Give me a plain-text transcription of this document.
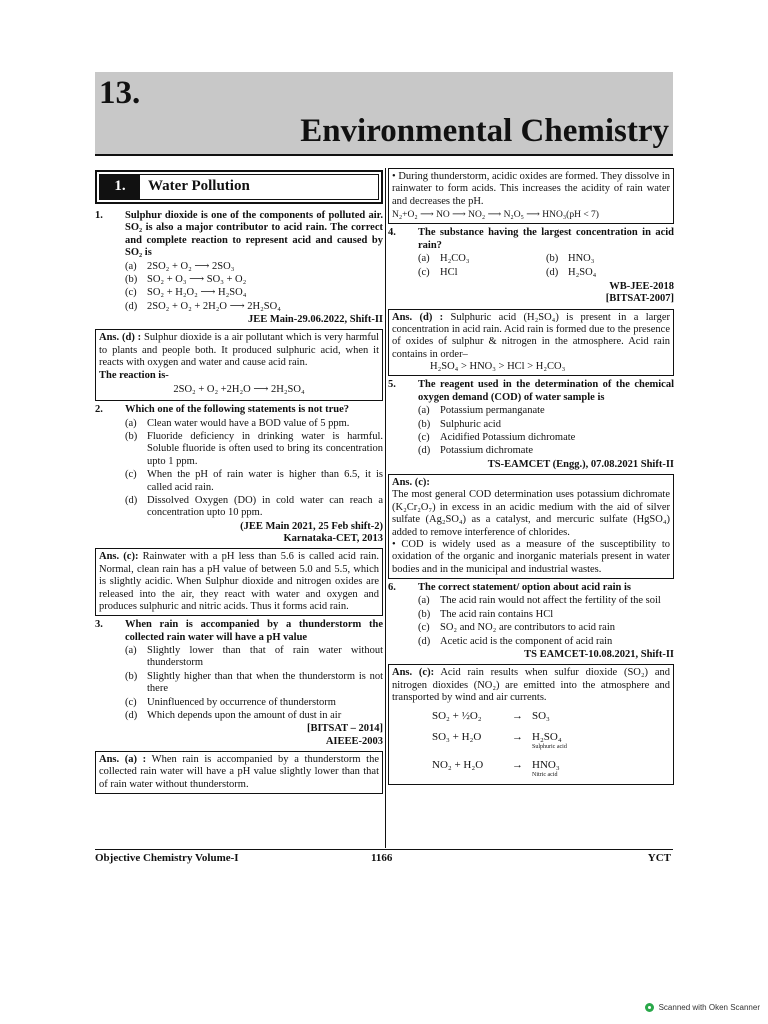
13.
Environmental Chemistry
1.	Water Pollution
1.	Sulphur dioxide is one of the components of polluted air. SO₂ is also a major contributor to acid rain. The correct and complete reaction to represent acid and caused by SO₂ is
(a) 2SO₂ + O₂ ⟶ 2SO₃
(b) SO₂ + O₃ ⟶ SO₃ + O₂
(c) SO₂ + H₂O₂ ⟶ H₂SO₄
(d) 2SO₂ + O₂ + 2H₂O ⟶ 2H₂SO₄
JEE Main-29.06.2022, Shift-II
Ans. (d) : Sulphur dioxide is a air pollutant which is very harmful to plants and people both. It produced sulphuric acid, when it reacts with oxygen and water and cause acid rain.
The reaction is-
2SO₂ + O₂ +2H₂O ⟶ 2H₂SO₄
2.	Which one of the following statements is not true?
(a) Clean water would have a BOD value of 5 ppm.
(b) Fluoride deficiency in drinking water is harmful. Soluble fluoride is often used to bring its concentration upto 1 ppm.
(c) When the pH of rain water is higher than 6.5, it is called acid rain.
(d) Dissolved Oxygen (DO) in cold water can reach a concentration upto 10 ppm.
(JEE Main 2021, 25 Feb shift-2)
Karnataka-CET, 2013
Ans. (c): Rainwater with a pH less than 5.6 is called acid rain. Normal, clean rain has a pH value of between 5.0 and 5.5, which is slightly acidic. When Sulphur dioxide and nitrogen oxides are released into the air, they react with water and oxygen and produces sulphuric and nitric acids. Thus it forms acid rain.
3.	When rain is accompanied by a thunderstorm the collected rain water will have a pH value
(a) Slightly lower than that of rain water without thunderstorm
(b) Slightly higher than that when the thunderstorm is not there
(c) Uninfluenced by occurrence of thunderstorm
(d) Which depends upon the amount of dust in air
[BITSAT – 2014]
AIEEE-2003
Ans. (a) : When rain is accompanied by a thunderstorm the collected rain water will have a pH value slightly lower than that of rain water without thunderstorm.
• During thunderstorm, acidic oxides are formed. They dissolve in rainwater to form acids. This increases the acidity of rain water and decreases the pH.
N₂+O₂ ⟶ NO ⟶ NO₂ ⟶ N₂O₅ ⟶ HNO₃(pH < 7)
4.	The substance having the largest concentration in acid rain?
(a) H₂CO₃	(b) HNO₃
(c) HCl	(d) H₂SO₄
WB-JEE-2018
[BITSAT-2007]
Ans. (d) : Sulphuric acid (H₂SO₄) is present in a larger concentration in acid rain. Acid rain is formed due to the presence of oxides of sulphur & nitrogen in the atmosphere. Acid rain contains in order–
H₂SO₄ > HNO₃ > HCl > H₂CO₃
5.	The reagent used in the determination of the chemical oxygen demand (COD) of water sample is
(a) Potassium permanganate
(b) Sulphuric acid
(c) Acidified Potassium dichromate
(d) Potassium dichromate
TS-EAMCET (Engg.), 07.08.2021 Shift-II
Ans. (c):
The most general COD determination uses potassium dichromate (K₂Cr₂O₇) in excess in an acidic medium with the aid of silver sulfate (Ag₂SO₄) as a catalyst, and mercuric sulfate (HgSO₄) added to remove interference of chlorides.
• COD is widely used as a measure of the susceptibility to oxidation of the organic and inorganic materials present in water bodies and in the municipal and industrial wastes.
6.	The correct statement/ option about acid rain is
(a) The acid rain would not affect the fertility of the soil
(b) The acid rain contains HCl
(c) SO₂ and NO₂ are contributors to acid rain
(d) Acetic acid is the component of acid rain
TS EAMCET-10.08.2021, Shift-II
Ans. (c): Acid rain results when sulfur dioxide (SO₂) and nitrogen dioxides (NO₂) are emitted into the atmosphere and transported by wind and air currents.
SO₂ + ½O₂	→ SO₃
SO₃ + H₂O	→ H₂SO₄
Sulphuric acid
NO₂ + H₂O	→ HNO₃
Nitric acid
Objective Chemistry Volume-I	1166	YCT
Scanned with Oken Scanner
